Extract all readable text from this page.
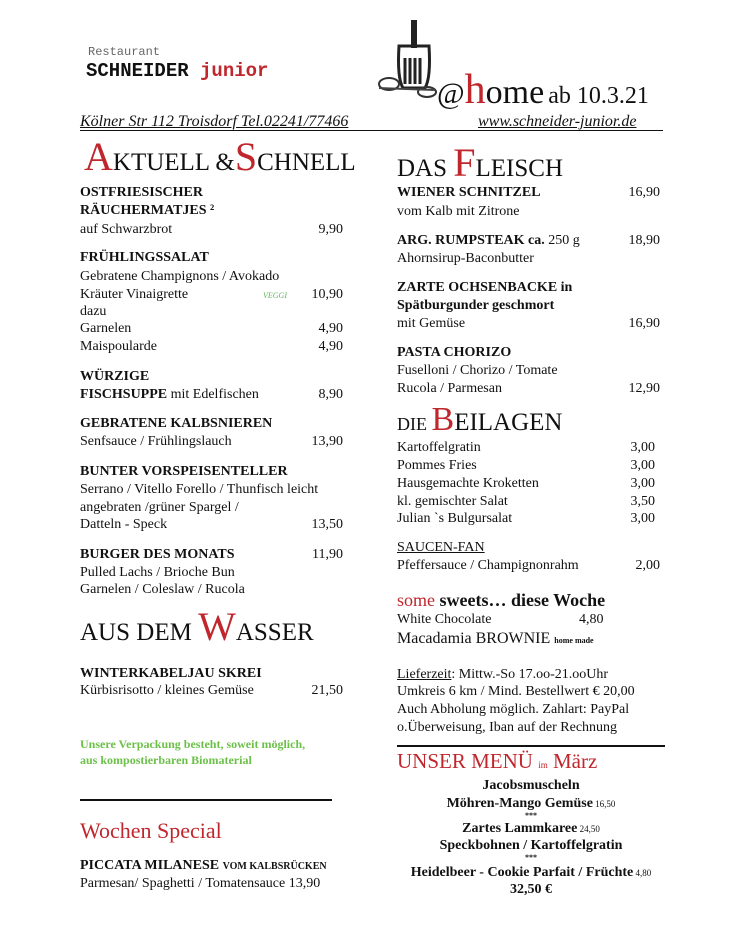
Restaurant
SCHNEIDER junior
@home ab 10.3.21
Kölner Str 112 Troisdorf Tel.02241/77466	www.schneider-junior.de
AKTUELL &SCHNELL
OSTFRIESISCHER
RÄUCHERMATJES ²
auf Schwarzbrot	9,90
FRÜHLINGSSALAT
Gebratene Champignons / Avokado
Kräuter Vinaigrette	VEGGI 10,90
dazu
Garnelen	4,90
Maispoularde	4,90
WÜRZIGE
FISCHSUPPE mit Edelfischen	8,90
GEBRATENE KALBSNIEREN
Senfsauce / Frühlingslauch	13,90
BUNTER VORSPEISENTELLER
Serrano / Vitello Forello / Thunfisch leicht
angebraten /grüner Spargel /
Datteln - Speck	13,50
BURGER DES MONATS	11,90
Pulled Lachs / Brioche Bun
Garnelen / Coleslaw / Rucola
AUS DEM WASSER
WINTERKABELJAU SKREI
Kürbisrisotto / kleines Gemüse	21,50
Unsere Verpackung besteht, soweit möglich,
aus kompostierbaren Biomaterial
Wochen Special
PICCATA MILANESE VOM KALBSRÜCKEN
Parmesan/ Spaghetti / Tomatensauce 13,90
DAS FLEISCH
WIENER SCHNITZEL	16,90
vom Kalb mit Zitrone
ARG. RUMPSTEAK ca. 250 g	18,90
Ahornsirup-Baconbutter
ZARTE OCHSENBACKE in
Spätburgunder geschmort
mit Gemüse	16,90
PASTA CHORIZO
Fusellonі / Chorizo / Tomate
Rucola / Parmesan	12,90
DIE BEILAGEN
Kartoffelgratin	3,00
Pommes Fries	3,00
Hausgemachte Kroketten	3,00
kl. gemischter Salat	3,50
Julian `s Bulgursalat	3,00
SAUCEN-FAN
Pfeffersauce / Champignonrahm	2,00
some sweets… diese Woche
White Chocolate	4,80
Macadamia BROWNIE home made
Lieferzeit: Mittw.-So 17.oo-21.ooUhr
Umkreis 6 km / Mind. Bestellwert € 20,00
Auch Abholung möglich. Zahlart: PayPal
o.Überweisung, Iban auf der Rechnung
UNSER MENÜ im März
Jacobsmuscheln
Möhren-Mango Gemüse 16,50
***
Zartes Lammkaree 24,50
Speckbohnen / Kartoffelgratin
***
Heidelbeer - Cookie Parfait / Früchte 4,80
32,50 €
